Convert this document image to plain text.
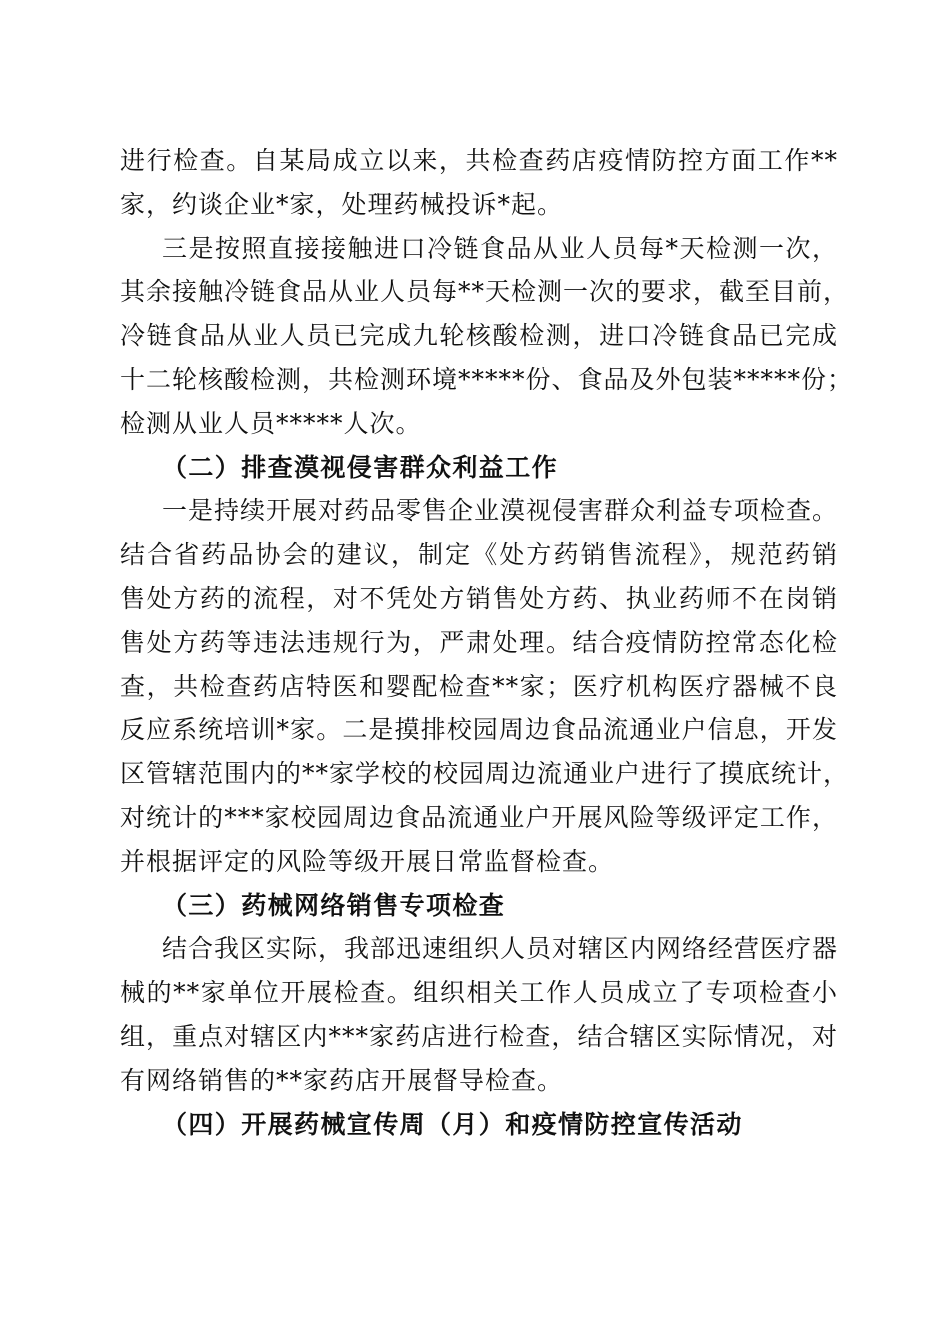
进行检查。自某局成立以来，共检查药店疫情防控方面工作**
家，约谈企业*家，处理药械投诉*起。
三是按照直接接触进口冷链食品从业人员每*天检测一次，
其余接触冷链食品从业人员每**天检测一次的要求，截至目前，
冷链食品从业人员已完成九轮核酸检测，进口冷链食品已完成
十二轮核酸检测，共检测环境*****份、食品及外包装*****份；
检测从业人员*****人次。
（二）排查漠视侵害群众利益工作
一是持续开展对药品零售企业漠视侵害群众利益专项检查。
结合省药品协会的建议，制定《处方药销售流程》，规范药销
售处方药的流程，对不凭处方销售处方药、执业药师不在岗销
售处方药等违法违规行为，严肃处理。结合疫情防控常态化检
查，共检查药店特医和婴配检查**家；医疗机构医疗器械不良
反应系统培训*家。二是摸排校园周边食品流通业户信息，开发
区管辖范围内的**家学校的校园周边流通业户进行了摸底统计，
对统计的***家校园周边食品流通业户开展风险等级评定工作，
并根据评定的风险等级开展日常监督检查。
（三）药械网络销售专项检查
结合我区实际，我部迅速组织人员对辖区内网络经营医疗器
械的**家单位开展检查。组织相关工作人员成立了专项检查小
组，重点对辖区内***家药店进行检查，结合辖区实际情况，对
有网络销售的**家药店开展督导检查。
（四）开展药械宣传周（月）和疫情防控宣传活动
